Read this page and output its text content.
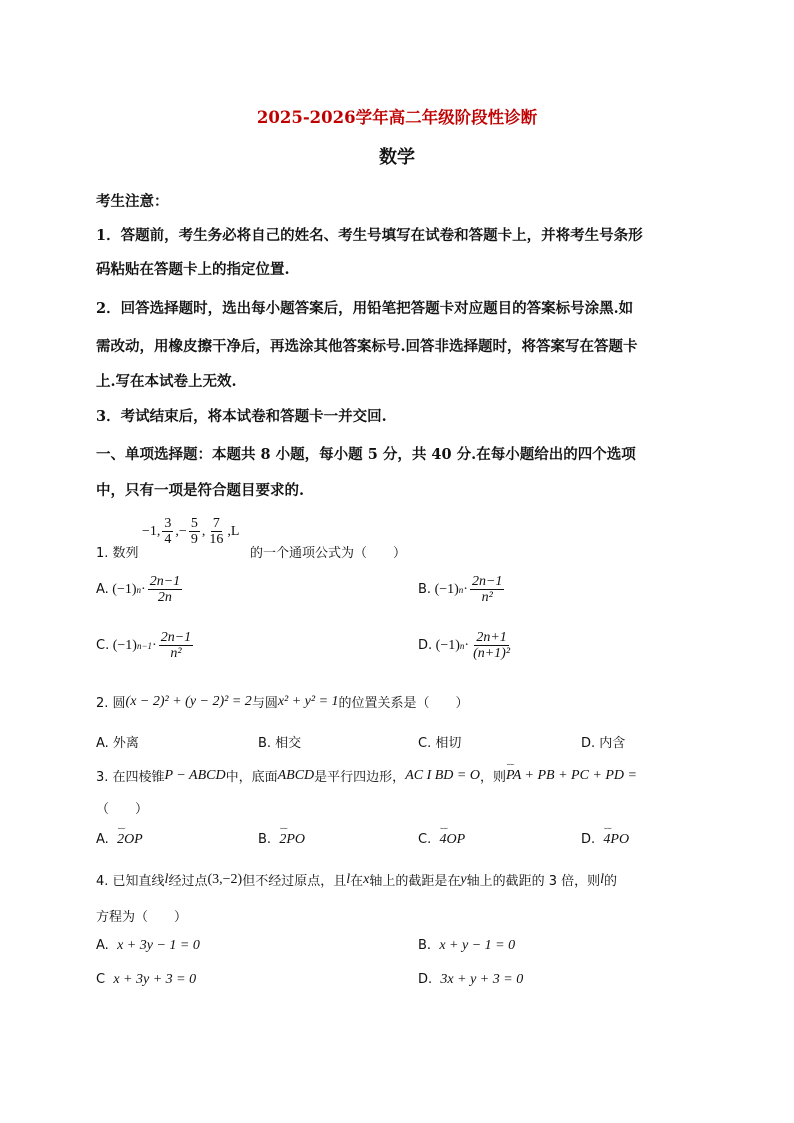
2025-2026学年高二年级阶段性诊断
数学
考生注意：
1．答题前，考生务必将自己的姓名、考生号填写在试卷和答题卡上，并将考生号条形
码粘贴在答题卡上的指定位置.
2．回答选择题时，选出每小题答案后，用铅笔把答题卡对应题目的答案标号涂黑.如
需改动，用橡皮擦干净后，再选涂其他答案标号.回答非选择题时，将答案写在答题卡
上.写在本试卷上无效.
3．考试结束后，将本试卷和答题卡一并交回.
一、单项选择题：本题共 8 小题，每小题 5 分，共 40 分.在每小题给出的四个选项
中，只有一项是符合题目要求的.
1. 数列
−1, $\frac{3}{4}$ ,− $\frac{5}{9}$ , $\frac{7}{16} ,L$
的一个通项公式为（　　）
A.
(−1) $n \cdot \frac{2n-1}{2n}$	B.
(−1) $n \cdot \frac{2n-1}{\text{n²}}$
C.
(−1) $n-1 \cdot \frac{2n-1}{\text{n²}}$	D.
(−1) $n \cdot \frac{2n+1}{\text{(n+1)²}}$
2. 圆 (x − 2)² + (y − 2)² = 2 与圆 x² + y² = 1 的位置关系是（　　）
A. 外离	B. 相交	C. 相切	D. 内含
3. 在四棱锥 P − ABCD 中，底面 ABCD 是平行四边形， AC I BD = O ，则 ⌣⌣ PA + PB + PC + PD =
（　　）
A. ⌣⌣ 2OP	B. ⌣⌣ 2PO	C. ⌣⌣ 4OP	D. ⌣⌣ 4PO
4. 已知直线 l 经过点 (3,−2) 但不经过原点，且 l 在 x 轴上的截距是在 y 轴上的截距的 3 倍，则 l 的
方程为（　　）
A. x + 3y − 1 = 0	B. x + y − 1 = 0
C x + 3y + 3 = 0	D. 3x + y + 3 = 0
